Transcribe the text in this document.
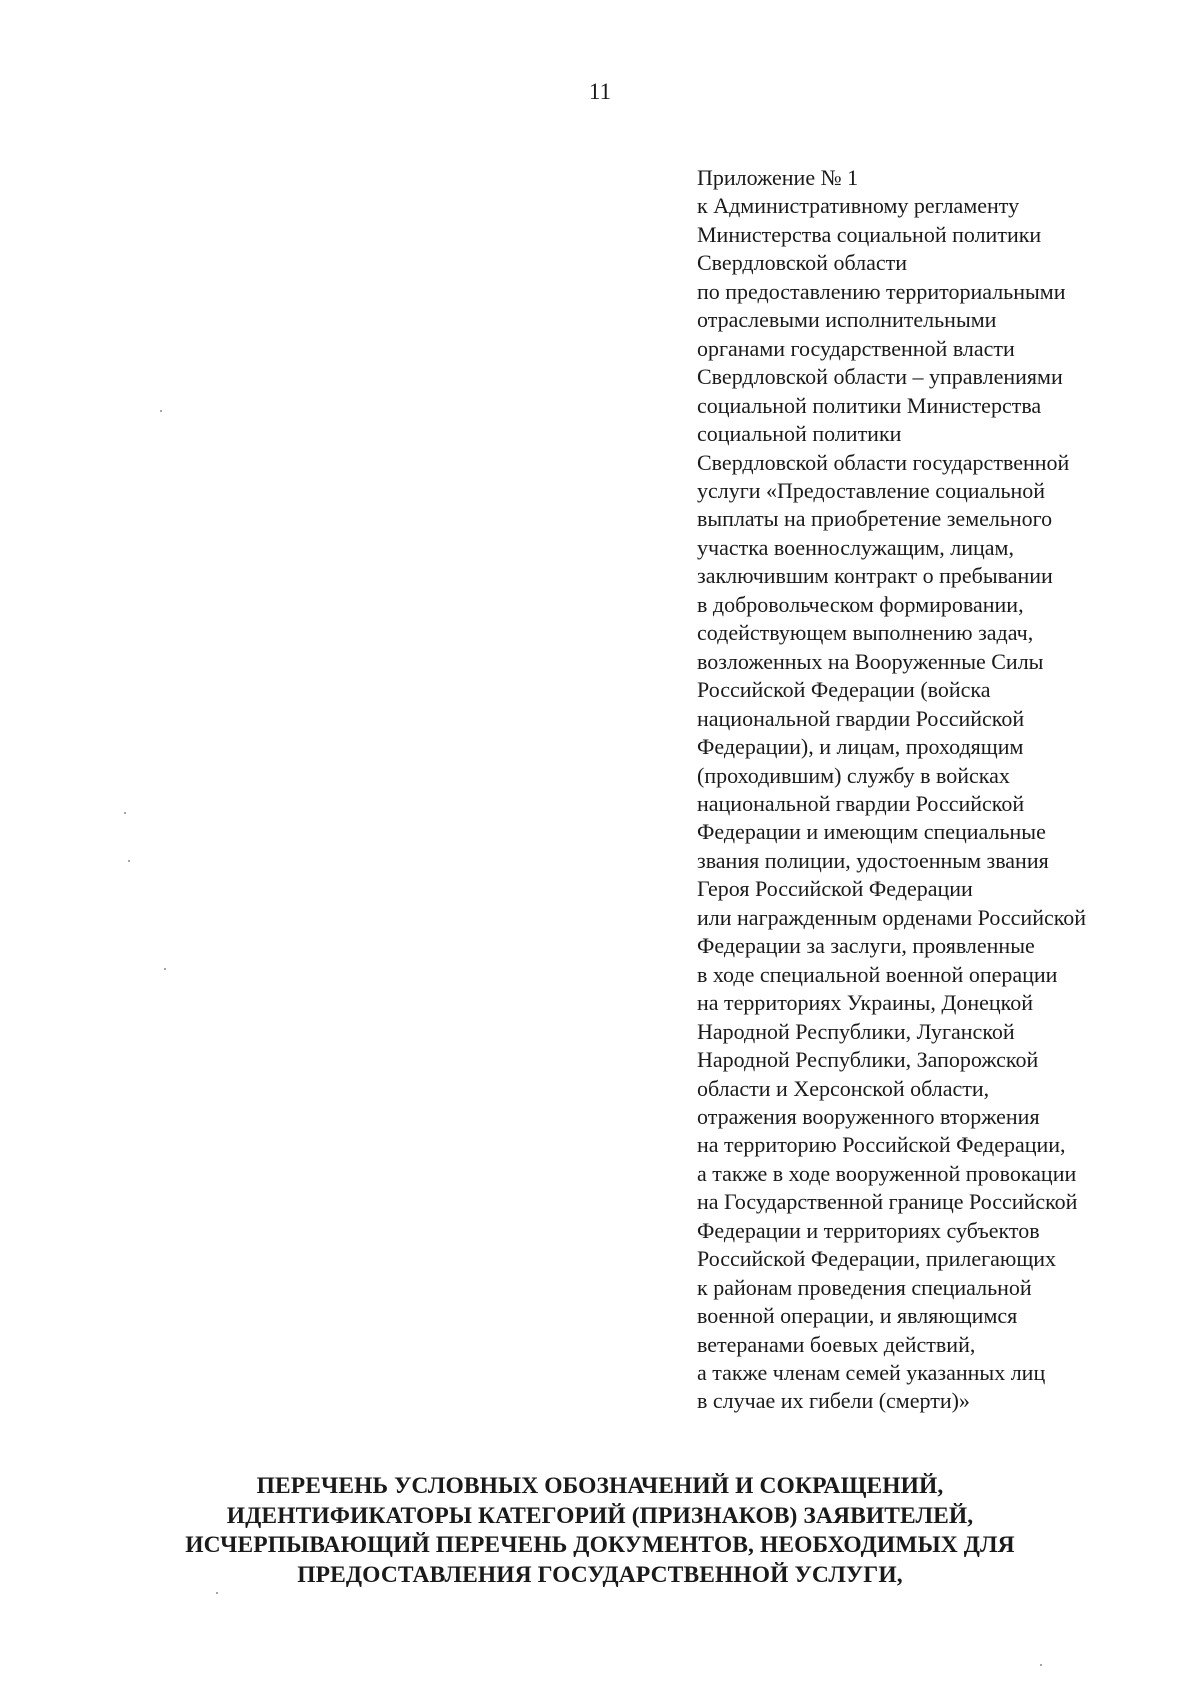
11
Приложение № 1
к Административному регламенту
Министерства социальной политики
Свердловской области
по предоставлению территориальными
отраслевыми исполнительными
органами государственной власти
Свердловской области – управлениями
социальной политики Министерства
социальной политики
Свердловской области государственной
услуги «Предоставление социальной
выплаты на приобретение земельного
участка военнослужащим, лицам,
заключившим контракт о пребывании
в добровольческом формировании,
содействующем выполнению задач,
возложенных на Вооруженные Силы
Российской Федерации (войска
национальной гвардии Российской
Федерации), и лицам, проходящим
(проходившим) службу в войсках
национальной гвардии Российской
Федерации и имеющим специальные
звания полиции, удостоенным звания
Героя Российской Федерации
или награжденным орденами Российской
Федерации за заслуги, проявленные
в ходе специальной военной операции
на территориях Украины, Донецкой
Народной Республики, Луганской
Народной Республики, Запорожской
области и Херсонской области,
отражения вооруженного вторжения
на территорию Российской Федерации,
а также в ходе вооруженной провокации
на Государственной границе Российской
Федерации и территориях субъектов
Российской Федерации, прилегающих
к районам проведения специальной
военной операции, и являющимся
ветеранами боевых действий,
а также членам семей указанных лиц
в случае их гибели (смерти)»
ПЕРЕЧЕНЬ УСЛОВНЫХ ОБОЗНАЧЕНИЙ И СОКРАЩЕНИЙ,
ИДЕНТИФИКАТОРЫ КАТЕГОРИЙ (ПРИЗНАКОВ) ЗАЯВИТЕЛЕЙ,
ИСЧЕРПЫВАЮЩИЙ ПЕРЕЧЕНЬ ДОКУМЕНТОВ, НЕОБХОДИМЫХ ДЛЯ
ПРЕДОСТАВЛЕНИЯ ГОСУДАРСТВЕННОЙ УСЛУГИ,
